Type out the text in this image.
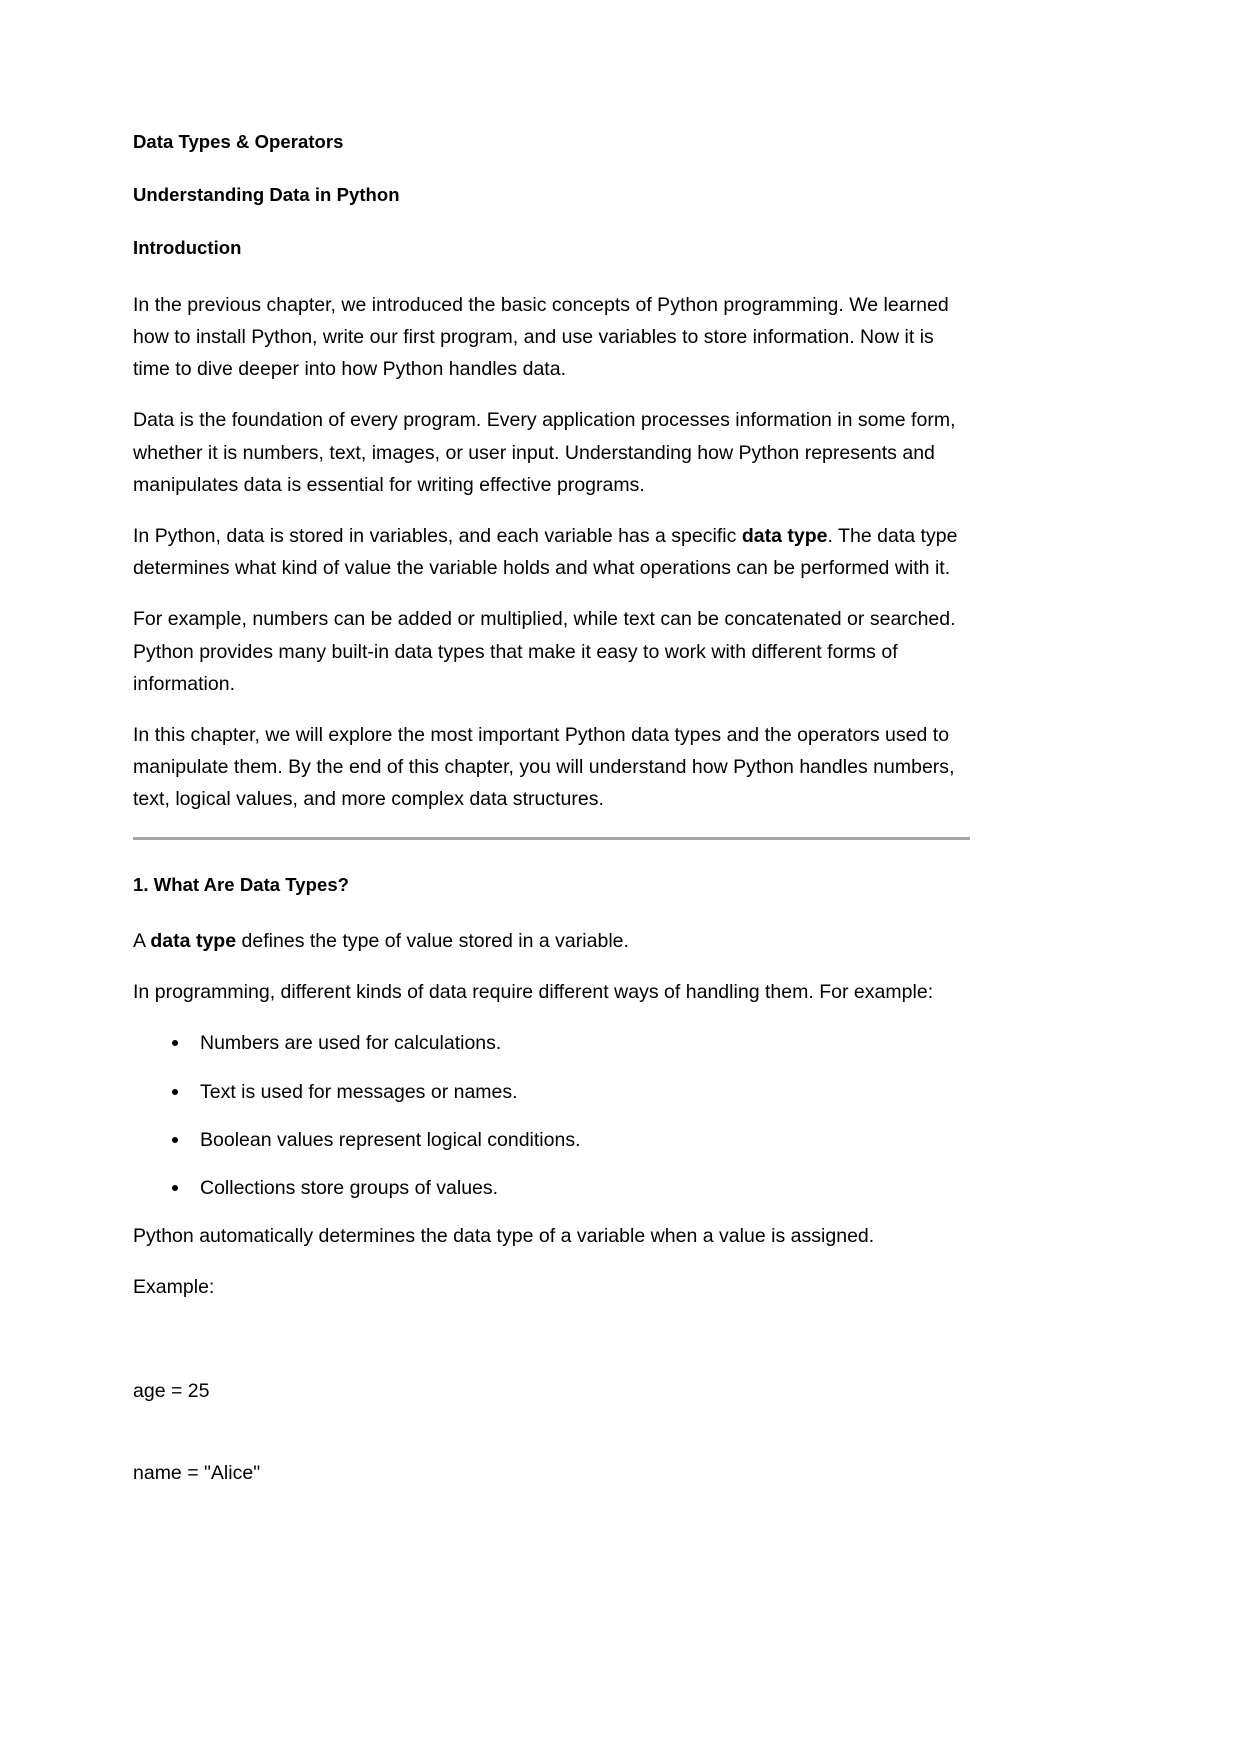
Data Types & Operators
Understanding Data in Python
Introduction

In the previous chapter, we introduced the basic concepts of Python programming. We learned how to install Python, write our first program, and use variables to store information. Now it is time to dive deeper into how Python handles data.

Data is the foundation of every program. Every application processes information in some form, whether it is numbers, text, images, or user input. Understanding how Python represents and manipulates data is essential for writing effective programs.

In Python, data is stored in variables, and each variable has a specific data type. The data type determines what kind of value the variable holds and what operations can be performed with it.

For example, numbers can be added or multiplied, while text can be concatenated or searched. Python provides many built-in data types that make it easy to work with different forms of information.

In this chapter, we will explore the most important Python data types and the operators used to manipulate them. By the end of this chapter, you will understand how Python handles numbers, text, logical values, and more complex data structures.

1. What Are Data Types?

A data type defines the type of value stored in a variable.

In programming, different kinds of data require different ways of handling them. For example:

Numbers are used for calculations.
Text is used for messages or names.
Boolean values represent logical conditions.
Collections store groups of values.

Python automatically determines the data type of a variable when a value is assigned.

Example:

age = 25

name = "Alice"
